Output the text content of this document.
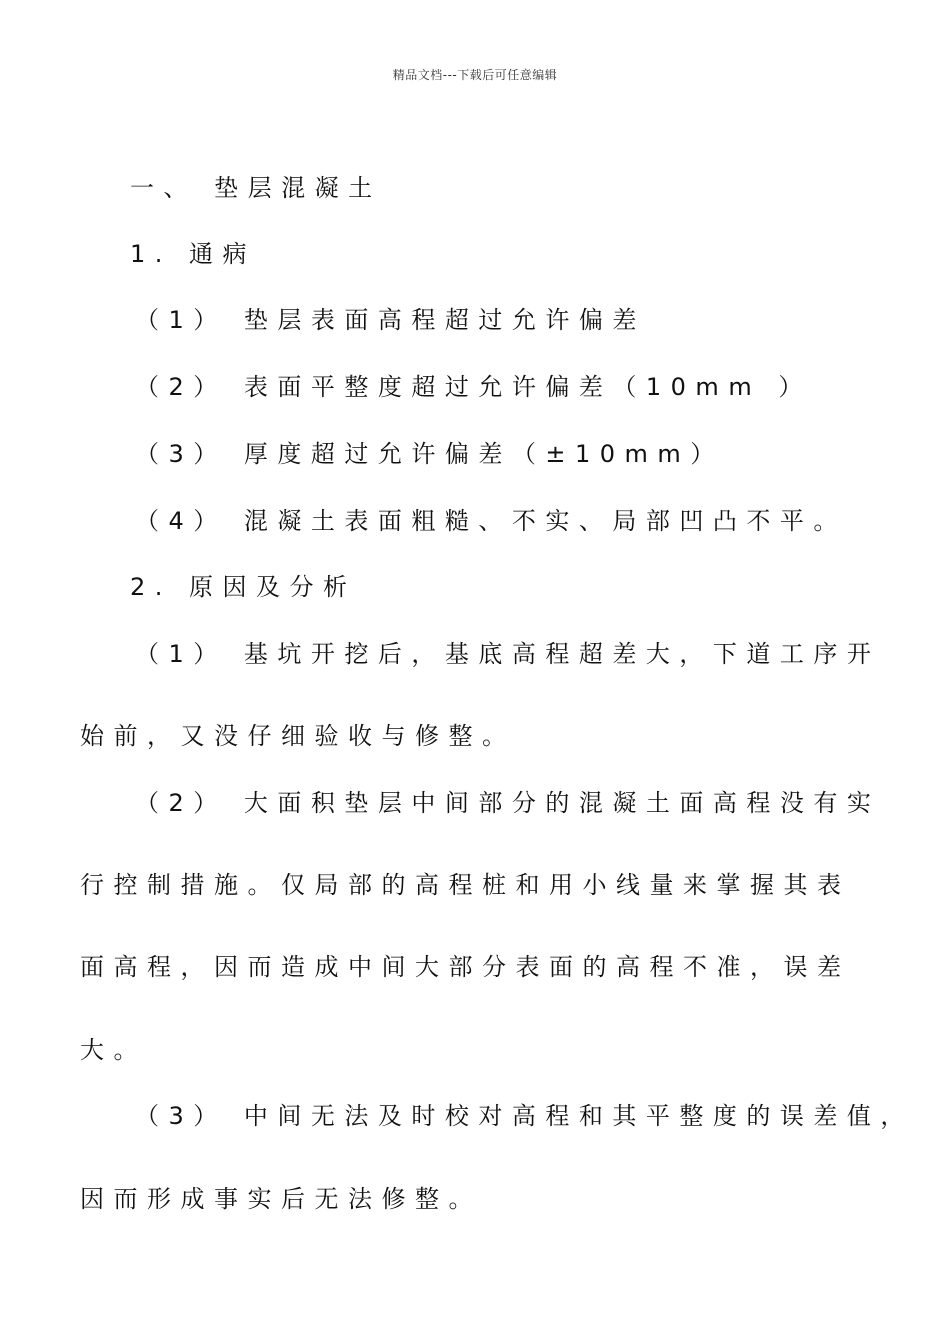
精品文档---下载后可任意编辑
一、 垫层混凝土
1. 通病
（1） 垫层表面高程超过允许偏差
（2） 表面平整度超过允许偏差（10mm ）
（3） 厚度超过允许偏差（±10mm）
（4） 混凝土表面粗糙、不实、局部凹凸不平。
2. 原因及分析
（1） 基坑开挖后，基底高程超差大，下道工序开
始前，又没仔细验收与修整。
（2） 大面积垫层中间部分的混凝土面高程没有实
行控制措施。仅局部的高程桩和用小线量来掌握其表
面高程，因而造成中间大部分表面的高程不准，误差
大。
（3） 中间无法及时校对高程和其平整度的误差值，
因而形成事实后无法修整。
